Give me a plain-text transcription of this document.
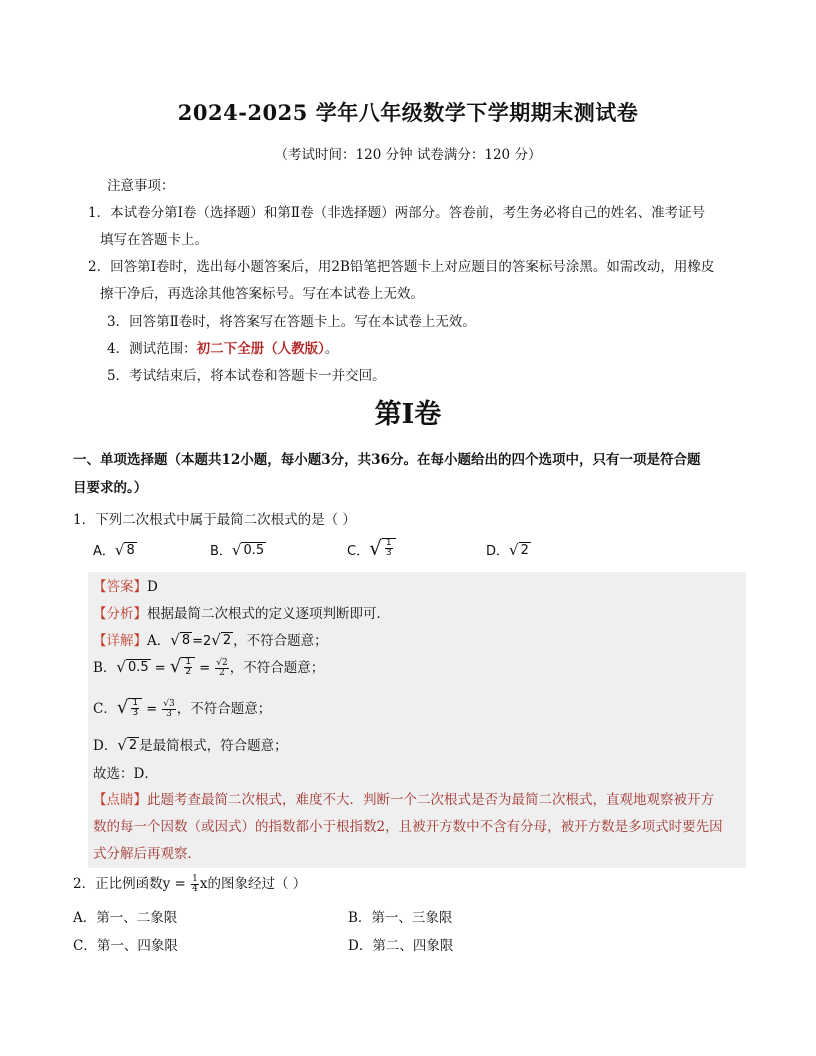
2024-2025 学年八年级数学下学期期末测试卷
（考试时间：120 分钟 试卷满分：120 分）
注意事项：
1．本试卷分第Ⅰ卷（选择题）和第Ⅱ卷（非选择题）两部分。答卷前，考生务必将自己的姓名、准考证号
填写在答题卡上。
2．回答第Ⅰ卷时，选出每小题答案后，用2B铅笔把答题卡上对应题目的答案标号涂黑。如需改动，用橡皮
擦干净后，再选涂其他答案标号。写在本试卷上无效。
3．回答第Ⅱ卷时，将答案写在答题卡上。写在本试卷上无效。
4．测试范围：初二下全册（人教版）。
5．考试结束后，将本试卷和答题卡一并交回。
第Ⅰ卷
一、单项选择题（本题共12小题，每小题3分，共36分。在每小题给出的四个选项中，只有一项是符合题
目要求的。）
1．下列二次根式中属于最简二次根式的是（ ）
A． √ 8	B． √ 0.5	C． √ $\frac{1}{3}$	D． √ 2
【答案】D
【分析】根据最简二次根式的定义逐项判断即可．
【详解】A． √ 8 =2 √ 2 ，不符合题意；
B． √ 0.5 = √ $\frac{1}{2} = \frac{√2}{2}$ ，不符合题意；
C． √ $\frac{1}{3} = \frac{√3}{3}$ ，不符合题意；
D． √ 2 是最简根式，符合题意；
故选：D．
【点睛】此题考查最简二次根式，难度不大．判断一个二次根式是否为最简二次根式，直观地观察被开方
数的每一个因数（或因式）的指数都小于根指数2，且被开方数中不含有分母，被开方数是多项式时要先因
式分解后再观察．
2．正比例函数$y = \frac{1}{4}$ x的图象经过（ ）
A．第一、二象限	B．第一、三象限
C．第一、四象限	D．第二、四象限
